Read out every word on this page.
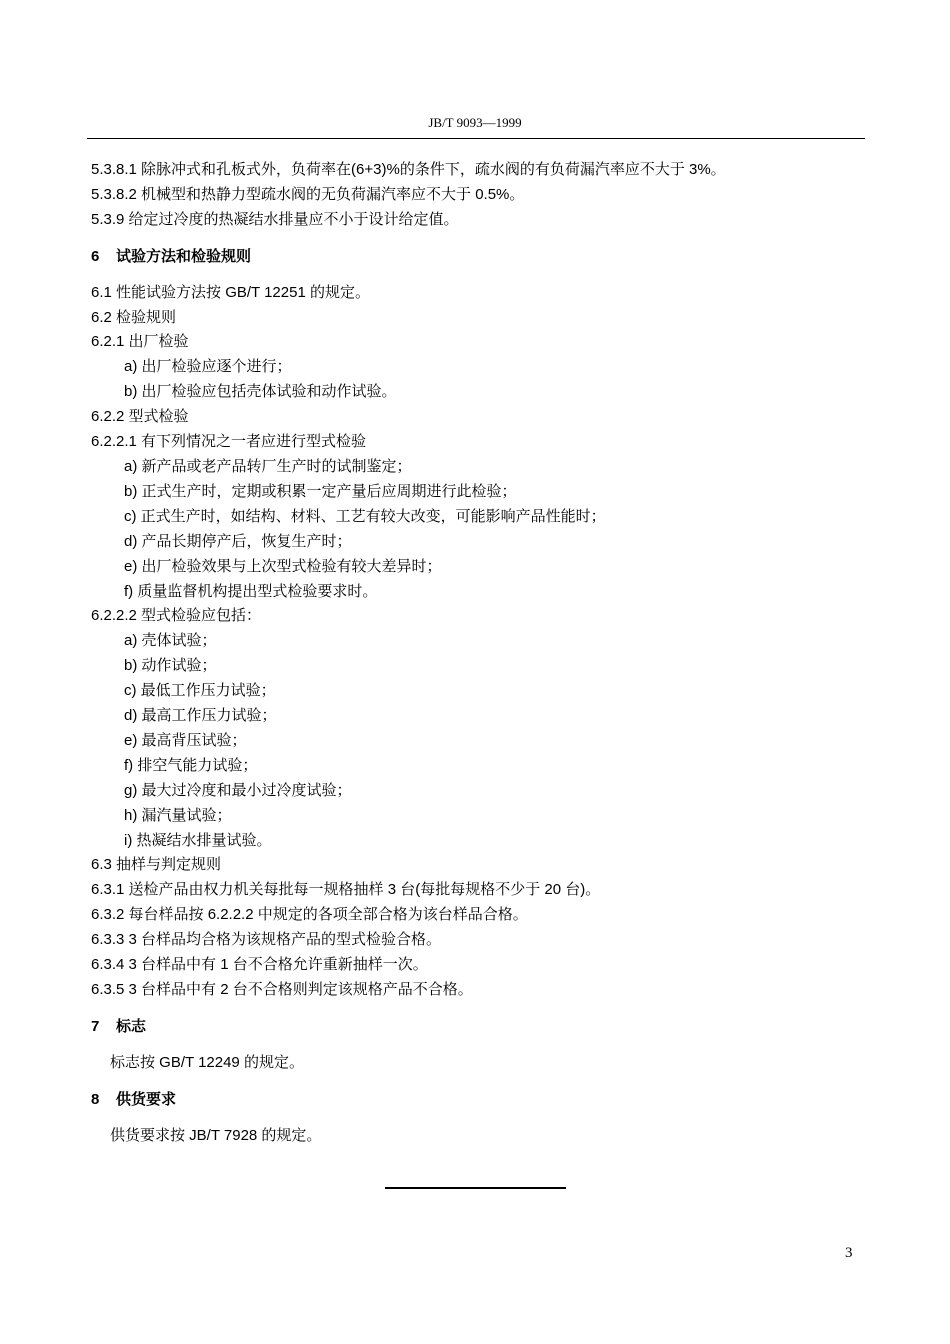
JB/T 9093—1999
5.3.8.1 除脉冲式和孔板式外，负荷率在(6+3)%的条件下，疏水阀的有负荷漏汽率应不大于 3%。
5.3.8.2 机械型和热静力型疏水阀的无负荷漏汽率应不大于 0.5%。
5.3.9 给定过冷度的热凝结水排量应不小于设计给定值。
6 试验方法和检验规则
6.1 性能试验方法按 GB/T 12251 的规定。
6.2 检验规则
6.2.1 出厂检验
a) 出厂检验应逐个进行；
b) 出厂检验应包括壳体试验和动作试验。
6.2.2 型式检验
6.2.2.1 有下列情况之一者应进行型式检验
a) 新产品或老产品转厂生产时的试制鉴定；
b) 正式生产时，定期或积累一定产量后应周期进行此检验；
c) 正式生产时，如结构、材料、工艺有较大改变，可能影响产品性能时；
d) 产品长期停产后，恢复生产时；
e) 出厂检验效果与上次型式检验有较大差异时；
f) 质量监督机构提出型式检验要求时。
6.2.2.2 型式检验应包括：
a) 壳体试验；
b) 动作试验；
c) 最低工作压力试验；
d) 最高工作压力试验；
e) 最高背压试验；
f) 排空气能力试验；
g) 最大过冷度和最小过冷度试验；
h) 漏汽量试验；
i) 热凝结水排量试验。
6.3 抽样与判定规则
6.3.1 送检产品由权力机关每批每一规格抽样 3 台(每批每规格不少于 20 台)。
6.3.2 每台样品按 6.2.2.2 中规定的各项全部合格为该台样品合格。
6.3.3 3 台样品均合格为该规格产品的型式检验合格。
6.3.4 3 台样品中有 1 台不合格允许重新抽样一次。
6.3.5 3 台样品中有 2 台不合格则判定该规格产品不合格。
7 标志
标志按 GB/T 12249 的规定。
8 供货要求
供货要求按 JB/T 7928 的规定。
3
